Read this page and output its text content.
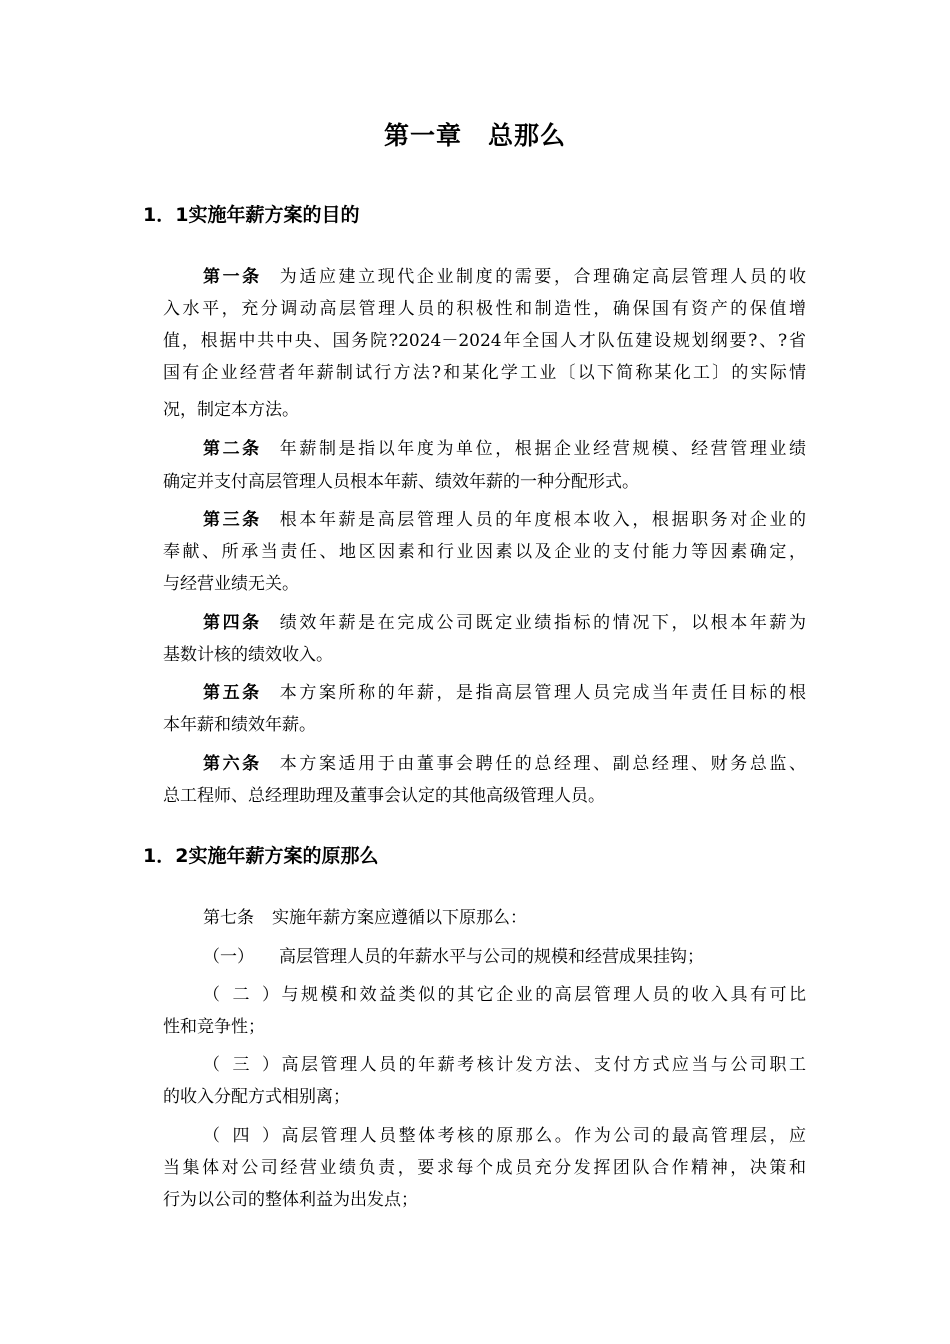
第一章　总那么
1．1实施年薪方案的目的
第一条 为适应建立现代企业制度的需要，合理确定高层管理人员的收
入水平，充分调动高层管理人员的积极性和制造性，确保国有资产的保值增
值，根据中共中央、国务院?2024－2024年全国人才队伍建设规划纲要?、?省
国有企业经营者年薪制试行方法?和某化学工业〔以下简称某化工〕的实际情
况，制定本方法。
第二条 年薪制是指以年度为单位，根据企业经营规模、经营管理业绩
确定并支付高层管理人员根本年薪、绩效年薪的一种分配形式。
第三条 根本年薪是高层管理人员的年度根本收入，根据职务对企业的
奉献、所承当责任、地区因素和行业因素以及企业的支付能力等因素确定，
与经营业绩无关。
第四条 绩效年薪是在完成公司既定业绩指标的情况下，以根本年薪为
基数计核的绩效收入。
第五条 本方案所称的年薪，是指高层管理人员完成当年责任目标的根
本年薪和绩效年薪。
第六条 本方案适用于由董事会聘任的总经理、副总经理、财务总监、
总工程师、总经理助理及董事会认定的其他高级管理人员。
1．2实施年薪方案的原那么
第七条 实施年薪方案应遵循以下原那么：
（一） 高层管理人员的年薪水平与公司的规模和经营成果挂钩；
（二）与规模和效益类似的其它企业的高层管理人员的收入具有可比
性和竞争性；
（三）高层管理人员的年薪考核计发方法、支付方式应当与公司职工
的收入分配方式相别离；
（四）高层管理人员整体考核的原那么。作为公司的最高管理层，应
当集体对公司经营业绩负责，要求每个成员充分发挥团队合作精神，决策和
行为以公司的整体利益为出发点；
